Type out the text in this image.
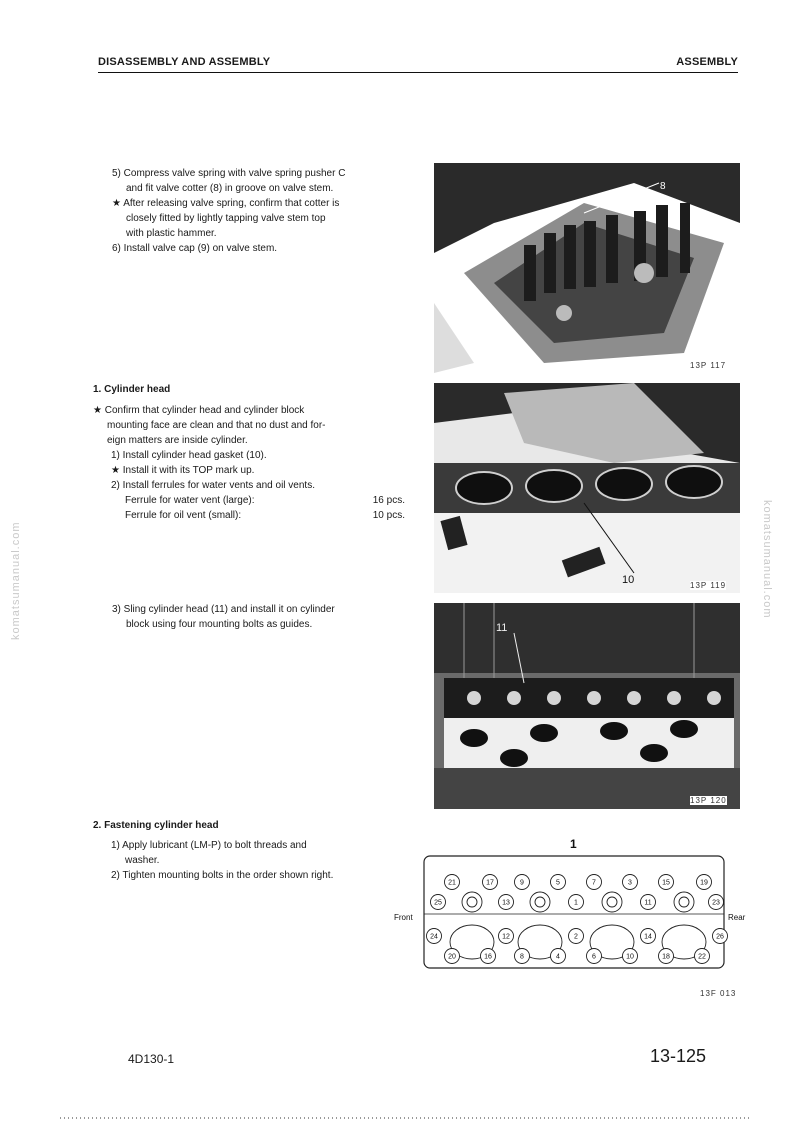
DISASSEMBLY AND ASSEMBLY	ASSEMBLY
komatsumanual.com	komatsumanual.com
5) Compress valve spring with valve spring pusher C
and fit valve cotter (8) in groove on valve stem.
★ After releasing valve spring, confirm that cotter is
closely fitted by lightly tapping valve stem top
with plastic hammer.
6) Install valve cap (9) on valve stem.
8
13P 117
1. Cylinder head
★ Confirm that cylinder head and cylinder block
mounting face are clean and that no dust and for-
eign matters are inside cylinder.
1) Install cylinder head gasket (10).
★ Install it with its TOP mark up.
2) Install ferrules for water vents and oil vents.
Ferrule for water vent (large):	16 pcs.
Ferrule for oil vent (small):	10 pcs.
10	13P 119
3) Sling cylinder head (11) and install it on cylinder
block using four mounting bolts as guides.	11
13P 120
2. Fastening cylinder head
1) Apply lubricant (LM-P) to bolt threads and
washer.
2) Tighten mounting bolts in the order shown right.
1
Front	Rear
21	17	9	5	7	3	15	19
25	13	1	11	23
24	12	2	14	26
20	16	8	4	6	10	18	22
13F 013
4D130-1	13-125
